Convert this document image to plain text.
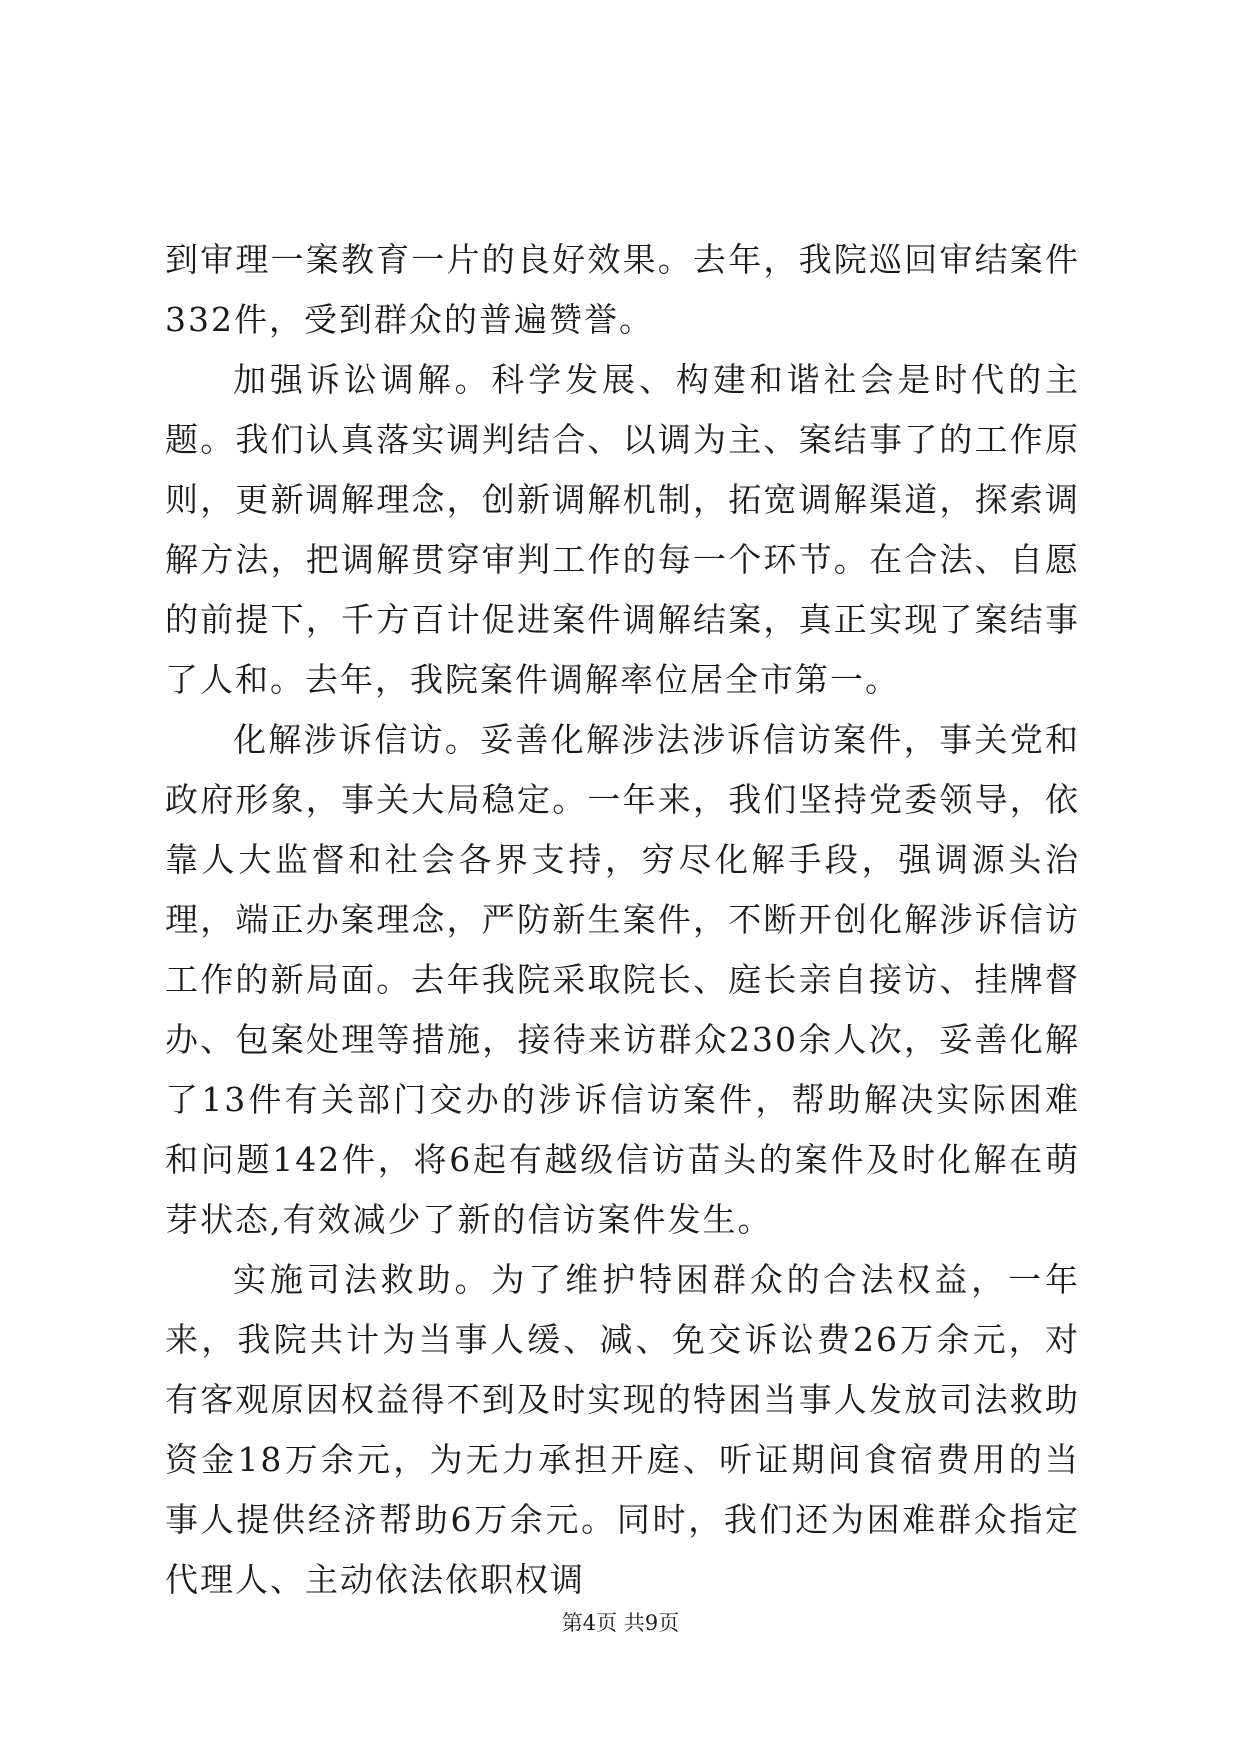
到审理一案教育一片的良好效果。去年，我院巡回审结案件332件，受到群众的普遍赞誉。

加强诉讼调解。科学发展、构建和谐社会是时代的主题。我们认真落实调判结合、以调为主、案结事了的工作原则，更新调解理念，创新调解机制，拓宽调解渠道，探索调解方法，把调解贯穿审判工作的每一个环节。在合法、自愿的前提下，千方百计促进案件调解结案，真正实现了案结事了人和。去年，我院案件调解率位居全市第一。

化解涉诉信访。妥善化解涉法涉诉信访案件，事关党和政府形象，事关大局稳定。一年来，我们坚持党委领导，依靠人大监督和社会各界支持，穷尽化解手段，强调源头治理，端正办案理念，严防新生案件，不断开创化解涉诉信访工作的新局面。去年我院采取院长、庭长亲自接访、挂牌督办、包案处理等措施，接待来访群众230余人次，妥善化解了13件有关部门交办的涉诉信访案件，帮助解决实际困难和问题142件，将6起有越级信访苗头的案件及时化解在萌芽状态,有效减少了新的信访案件发生。

实施司法救助。为了维护特困群众的合法权益，一年来，我院共计为当事人缓、减、免交诉讼费26万余元，对有客观原因权益得不到及时实现的特困当事人发放司法救助资金18万余元，为无力承担开庭、听证期间食宿费用的当事人提供经济帮助6万余元。同时，我们还为困难群众指定代理人、主动依法依职权调

第4页 共9页
